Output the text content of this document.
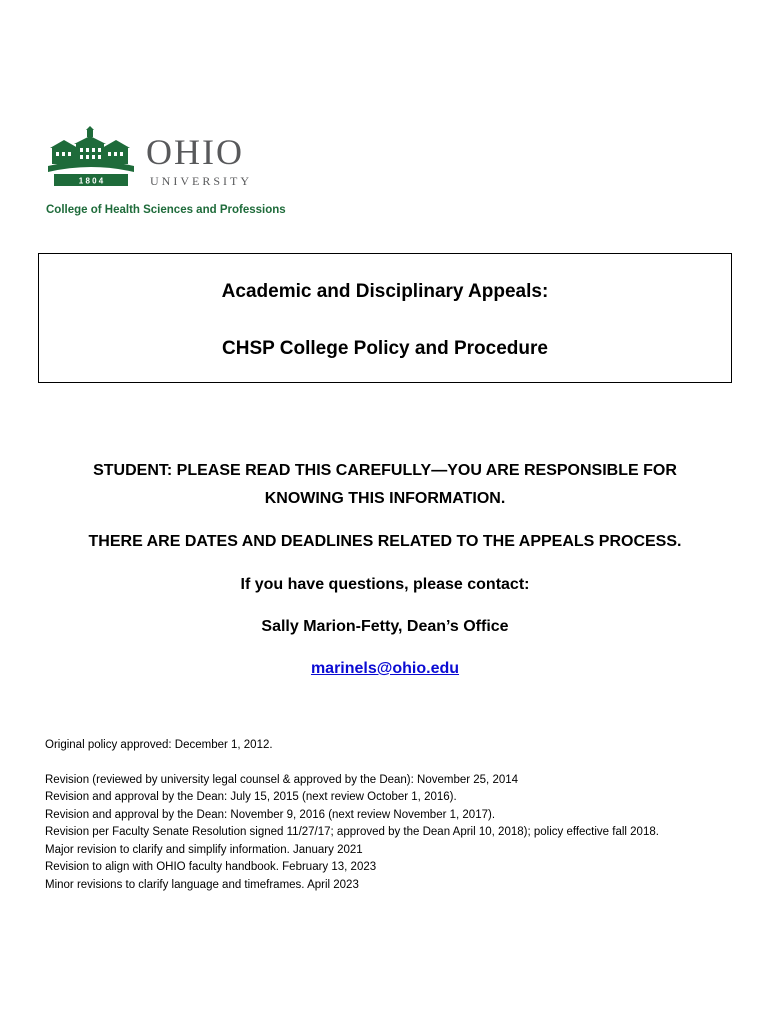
1 8 0 4
OHIO
UNIVERSITY
College of Health Sciences and Professions
Academic and Disciplinary Appeals:
CHSP College Policy and Procedure
STUDENT: PLEASE READ THIS CAREFULLY—YOU ARE RESPONSIBLE FOR
KNOWING THIS INFORMATION.
THERE ARE DATES AND DEADLINES RELATED TO THE APPEALS PROCESS.
If you have questions, please contact:
Sally Marion-Fetty, Dean’s Office
marinels@ohio.edu
Original policy approved: December 1, 2012.
Revision (reviewed by university legal counsel & approved by the Dean): November 25, 2014
Revision and approval by the Dean: July 15, 2015 (next review October 1, 2016).
Revision and approval by the Dean: November 9, 2016 (next review November 1, 2017).
Revision per Faculty Senate Resolution signed 11/27/17; approved by the Dean April 10, 2018); policy effective fall 2018.
Major revision to clarify and simplify information. January 2021
Revision to align with OHIO faculty handbook. February 13, 2023
Minor revisions to clarify language and timeframes. April 2023
